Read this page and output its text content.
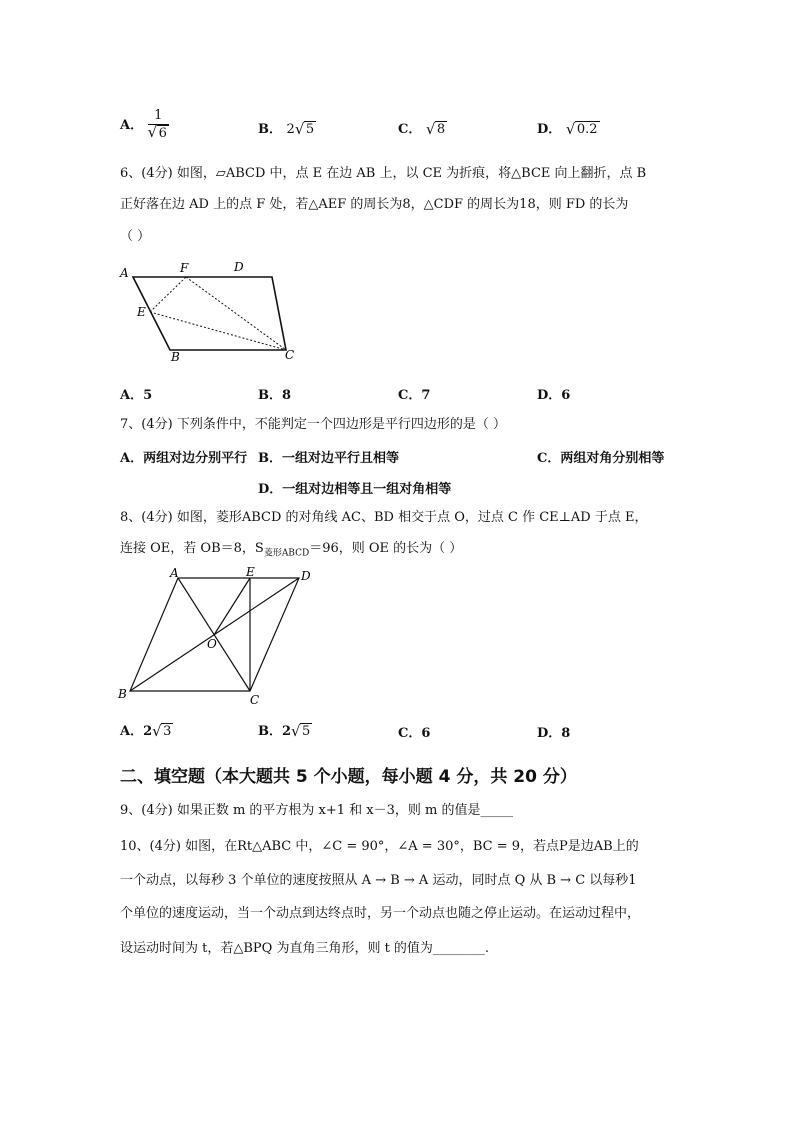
A． 1
√ 6	B． 2 √ 5	C． √ 8	D． √ 0.2
6、(4分) 如图，▱ABCD 中，点 E 在边 AB 上，以 CE 为折痕，将△BCE 向上翻折，点 B
正好落在边 AD 上的点 F 处，若△AEF 的周长为8，△CDF 的周长为18，则 FD 的长为
（ ）
A	F	D
E
B	C
A．5	B．8	C．7	D．6
7、(4分) 下列条件中，不能判定一个四边形是平行四边形的是（ ）
A．两组对边分别平行 B．一组对边平行且相等	C．两组对角分别相等
D．一组对边相等且一组对角相等
8、(4分) 如图，菱形ABCD 的对角线 AC、BD 相交于点 O，过点 C 作 CE⊥AD 于点 E，
连接 OE，若 OB＝8，$S_{菱形ABCD}=96$，则 OE 的长为（ ）
A	E	D
O
B	C
A．2 √ 3	B．2 √ 5	C．6	D．8
二、填空题（本大题共 5 个小题，每小题 4 分，共 20 分）
9、(4分) 如果正数 m 的平方根为 x+1 和 x－3，则 m 的值是_____
10、(4分) 如图，在Rt△ABC 中，∠C = 90°，∠A = 30°，BC = 9，若点P是边AB上的
一个动点，以每秒 3 个单位的速度按照从 A → B → A 运动，同时点 Q 从 B → C 以每秒1
个单位的速度运动，当一个动点到达终点时，另一个动点也随之停止运动。在运动过程中，
设运动时间为 t，若△BPQ 为直角三角形，则 t 的值为________.
